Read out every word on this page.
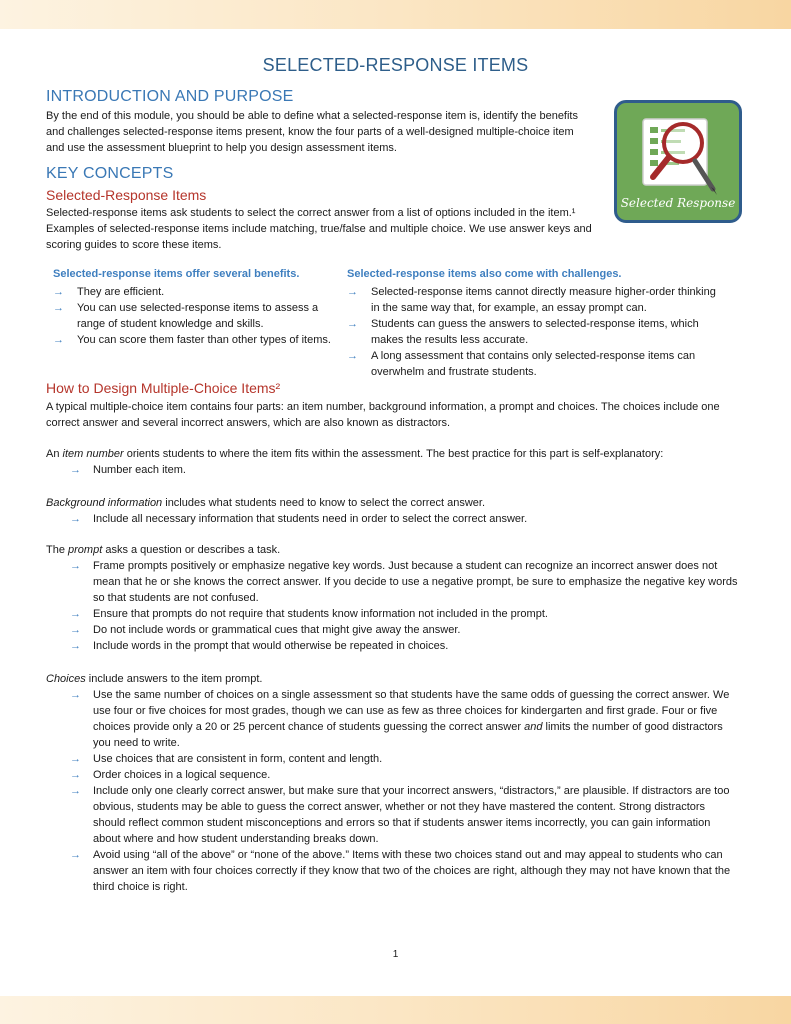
SELECTED-RESPONSE ITEMS
INTRODUCTION AND PURPOSE
By the end of this module, you should be able to define what a selected-response item is, identify the benefits and challenges selected-response items present, know the four parts of a well-designed multiple-choice item and use the assessment blueprint to help you design assessment items.
Selected Response
KEY CONCEPTS
Selected-Response Items
Selected-response items ask students to select the correct answer from a list of options included in the item.¹ Examples of selected-response items include matching, true/false and multiple choice. We use answer keys and scoring guides to score these items.
Selected-response items offer several benefits.
→ They are efficient.
→ You can use selected-response items to assess a range of student knowledge and skills.
→ You can score them faster than other types of items.
Selected-response items also come with challenges.
→ Selected-response items cannot directly measure higher-order thinking in the same way that, for example, an essay prompt can.
→ Students can guess the answers to selected-response items, which makes the results less accurate.
→ A long assessment that contains only selected-response items can overwhelm and frustrate students.
How to Design Multiple-Choice Items²
A typical multiple-choice item contains four parts: an item number, background information, a prompt and choices. The choices include one correct answer and several incorrect answers, which are also known as distractors.
An item number orients students to where the item fits within the assessment. The best practice for this part is self-explanatory:
→ Number each item.
Background information includes what students need to know to select the correct answer.
→ Include all necessary information that students need in order to select the correct answer.
The prompt asks a question or describes a task.
→ Frame prompts positively or emphasize negative key words. Just because a student can recognize an incorrect answer does not mean that he or she knows the correct answer. If you decide to use a negative prompt, be sure to emphasize the negative key words so that students are not confused.
→ Ensure that prompts do not require that students know information not included in the prompt.
→ Do not include words or grammatical cues that might give away the answer.
→ Include words in the prompt that would otherwise be repeated in choices.
Choices include answers to the item prompt.
→ Use the same number of choices on a single assessment so that students have the same odds of guessing the correct answer. We use four or five choices for most grades, though we can use as few as three choices for kindergarten and first grade. Four or five choices provide only a 20 or 25 percent chance of students guessing the correct answer and limits the number of good distractors you need to write.
→ Use choices that are consistent in form, content and length.
→ Order choices in a logical sequence.
→ Include only one clearly correct answer, but make sure that your incorrect answers, “distractors,” are plausible. If distractors are too obvious, students may be able to guess the correct answer, whether or not they have mastered the content. Strong distractors should reflect common student misconceptions and errors so that if students answer items incorrectly, you can gain information about where and how student understanding breaks down.
→ Avoid using “all of the above” or “none of the above.” Items with these two choices stand out and may appeal to students who can answer an item with four choices correctly if they know that two of the choices are right, although they may not have known that the third choice is right.
1
